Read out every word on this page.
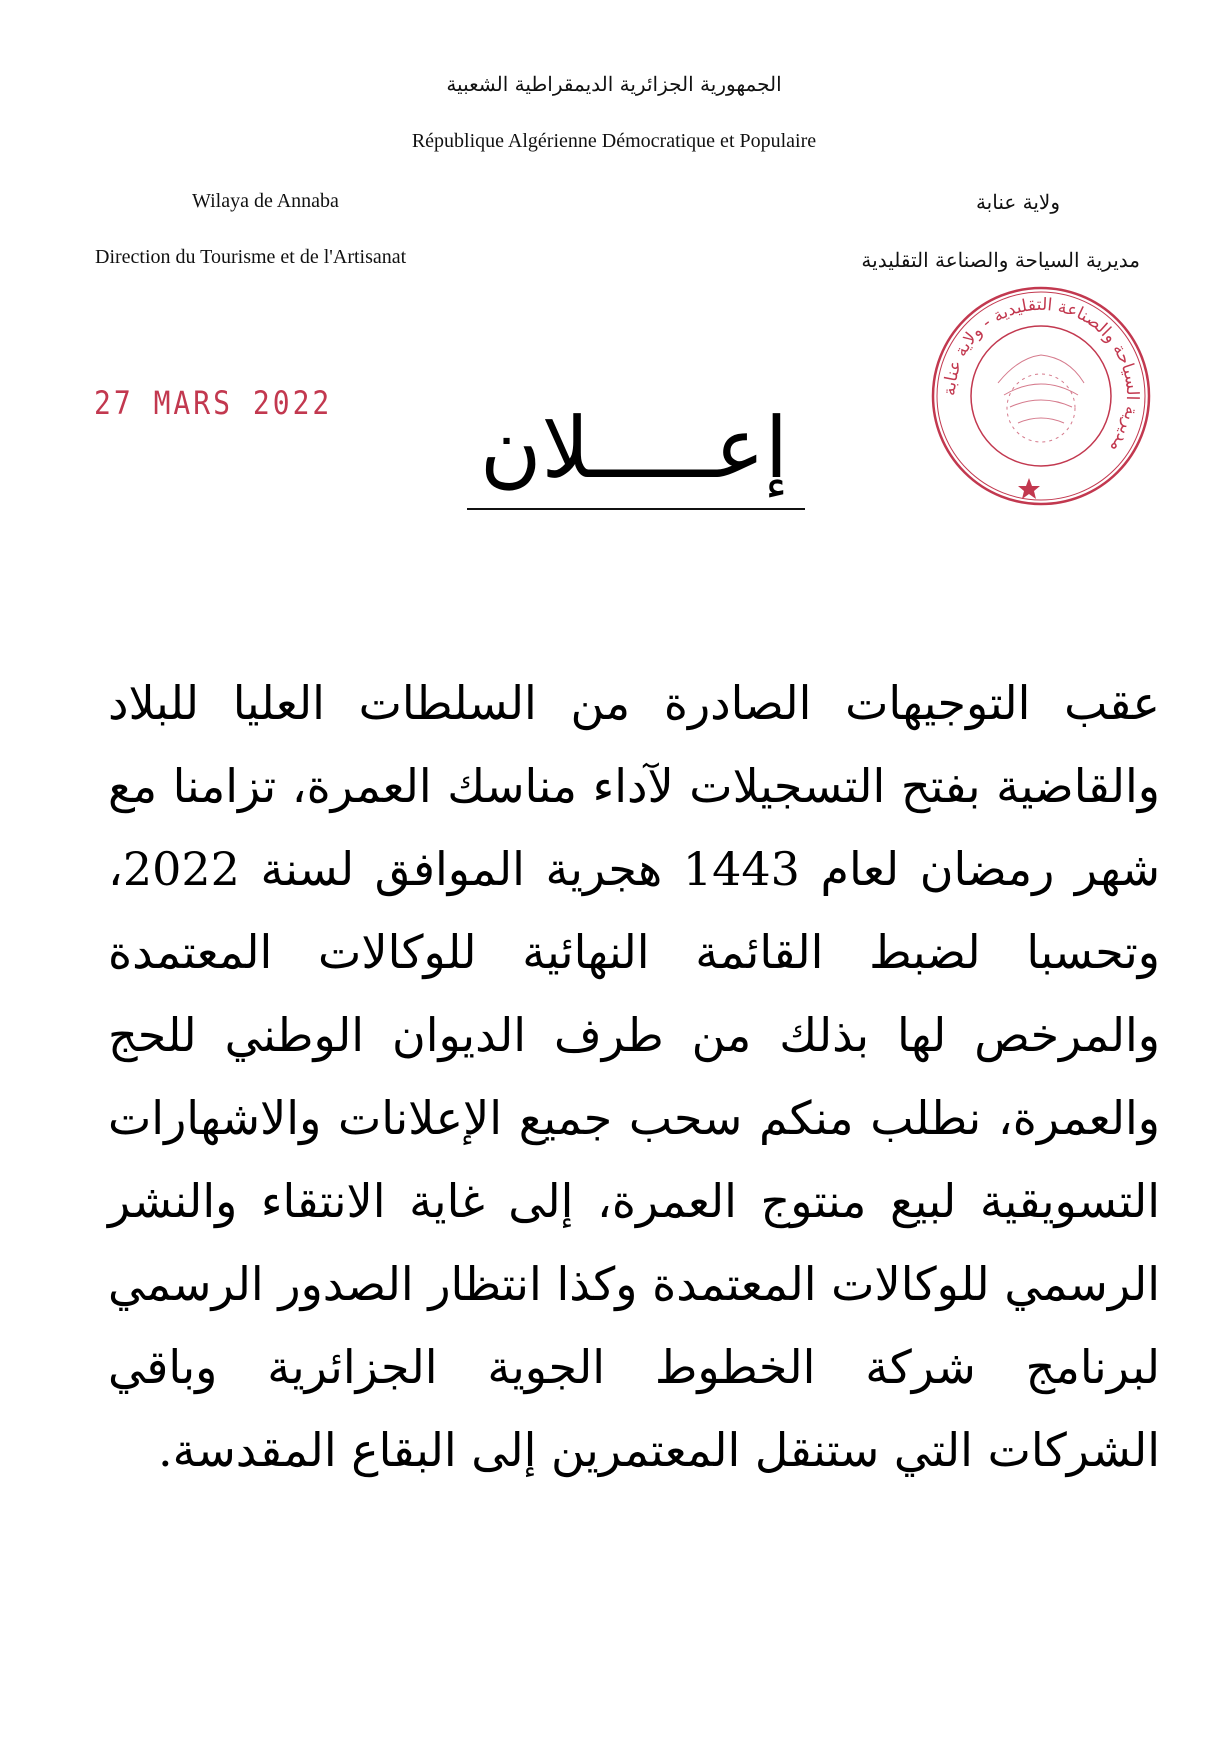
الجمهورية الجزائرية الديمقراطية الشعبية
République Algérienne Démocratique et Populaire
Wilaya de Annaba	ولاية عنابة
Direction du Tourisme et de l'Artisanat	مديرية السياحة والصناعة التقليدية
27 MARS 2022	مديرية السياحة والصناعة التقليدية - ولاية عنابة
إعـــــلان
عقب التوجيهات الصادرة من السلطات العليا للبلاد والقاضية بفتح التسجيلات لآداء مناسك العمرة، تزامنا مع شهر رمضان لعام 1443 هجرية الموافق لسنة 2022، وتحسبا لضبط القائمة النهائية للوكالات المعتمدة والمرخص لها بذلك من طرف الديوان الوطني للحج والعمرة، نطلب منكم سحب جميع الإعلانات والاشهارات التسويقية لبيع منتوج العمرة، إلى غاية الانتقاء والنشر الرسمي للوكالات المعتمدة وكذا انتظار الصدور الرسمي لبرنامج شركة الخطوط الجوية الجزائرية وباقي الشركات التي ستنقل المعتمرين إلى البقاع المقدسة.
